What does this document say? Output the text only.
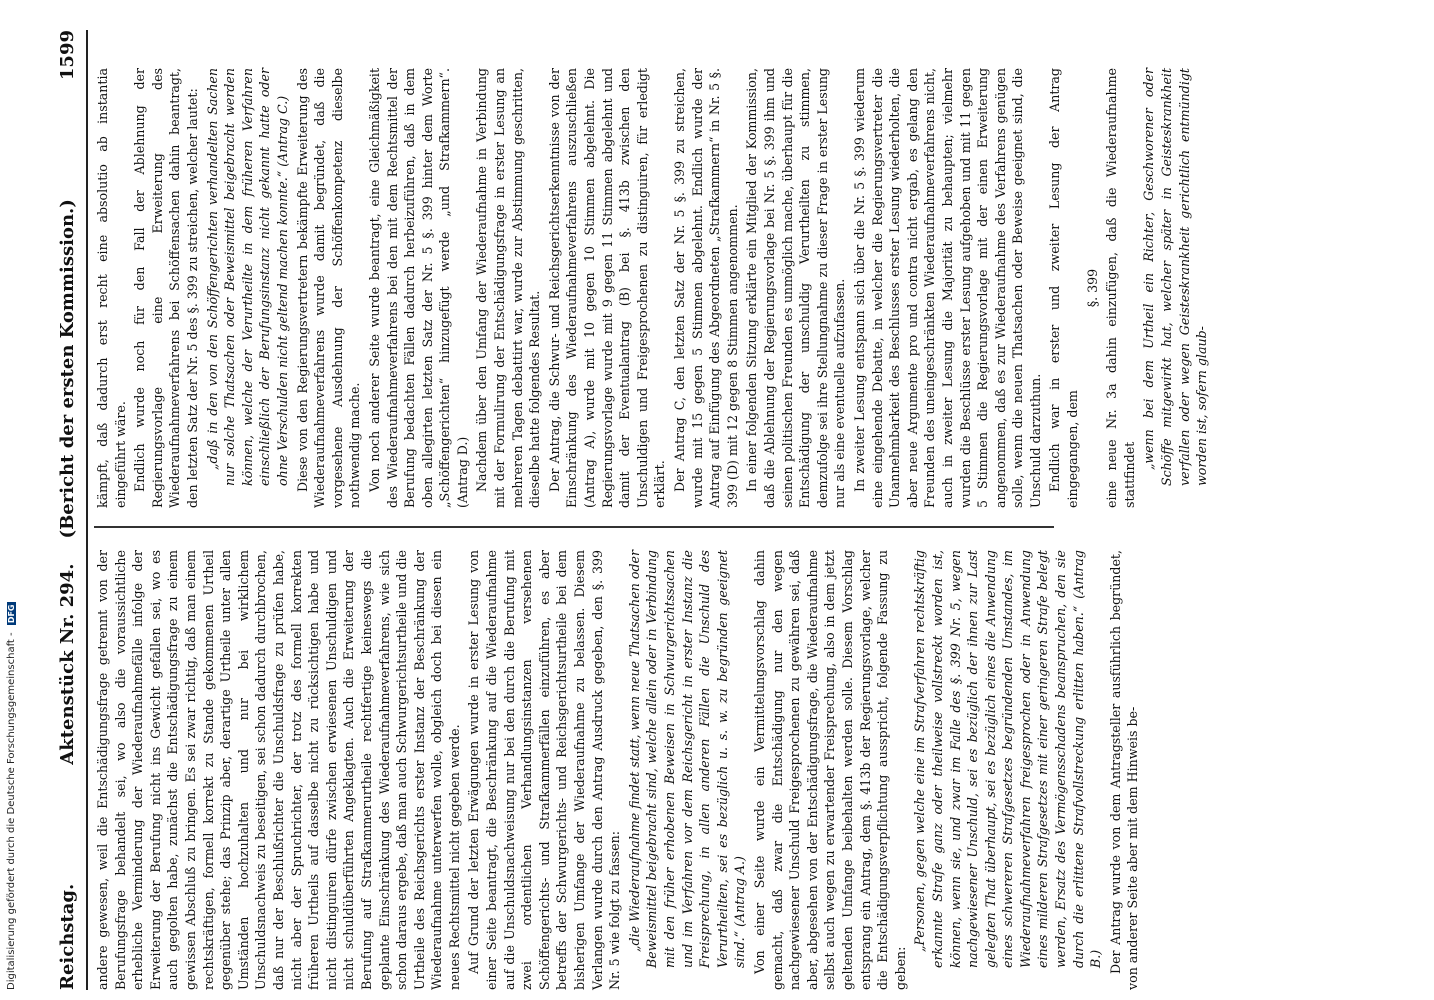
Reichstag.
Aktenstück Nr. 294.    (Bericht der ersten Kommission.)
1599

andere gewesen, weil die Entschädigungsfrage getrennt von der Berufungsfrage behandelt sei, wo also die voraussichtliche erhebliche Verminderung der Wiederaufnahmefälle infolge der Erweiterung der Berufung nicht ins Gewicht gefallen sei, wo es auch gegolten habe, zunächst die Entschädigungsfrage zu einem gewissen Abschluß zu bringen. Es sei zwar richtig, daß man einem rechtskräftigen, formell korrekt zu Stande gekommenen Urtheil gegenüber stehe; das Prinzip aber, derartige Urtheile unter allen Umständen hochzuhalten und nur bei wirklichem Unschuldsnachweis zu beseitigen, sei schon dadurch durchbrochen, daß nur der Beschlußrichter die Unschuldsfrage zu prüfen habe, nicht aber der Spruchrichter, der trotz des formell korrekten früheren Urtheils auf dasselbe nicht zu rücksichtigen habe und nicht distinguiren dürfe zwischen erwiesenen Unschuldigen und nicht schuldüberführten Angeklagten. Auch die Erweiterung der Berufung auf Strafkammerurtheile rechtfertige keineswegs die geplante Einschränkung des Wiederaufnahmeverfahrens, wie sich schon daraus ergebe, daß man auch Schwurgerichtsurtheile und die Urtheile des Reichsgerichts erster Instanz der Beschränkung der Wiederaufnahme unterwerfen wolle, obgleich doch bei diesen ein neues Rechtsmittel nicht gegeben werde. Auf Grund der letzten Erwägungen wurde in erster Lesung von einer Seite beantragt, die Beschränkung auf die Wiederaufnahme auf die Unschuldsnachweisung nur bei den durch die Berufung mit zwei ordentlichen Verhandlungsinstanzen versehenen Schöffengerichts- und Strafkammerfällen einzuführen, es aber betreffs der Schwurgerichts- und Reichsgerichtsurtheile bei dem bisherigen Umfange der Wiederaufnahme zu belassen. Diesem Verlangen wurde durch den Antrag Ausdruck gegeben, den §. 399 Nr. 5 wie folgt zu fassen: „die Wiederaufnahme findet statt, wenn neue Thatsachen oder Beweismittel beigebracht sind, welche allein oder in Verbindung mit den früher erhobenen Beweisen in Schwurgerichtssachen und im Verfahren vor dem Reichsgericht in erster Instanz die Freisprechung, in allen anderen Fällen die Unschuld des Verurtheilten, sei es bezüglich u. s. w. zu begründen geeignet sind.“ (Antrag A.) Von einer Seite wurde ein Vermittelungsvorschlag dahin gemacht, daß zwar die Entschädigung nur den wegen nachgewiesener Unschuld Freigesprochenen zu gewähren sei, daß aber, abgesehen von der Entschädigungsfrage, die Wiederaufnahme selbst auch wegen zu erwartender Freisprechung, also in dem jetzt geltenden Umfange beibehalten werden solle. Diesem Vorschlag entsprang ein Antrag, dem §. 413b der Regierungsvorlage, welcher die Entschädigungsverpflichtung ausspricht, folgende Fassung zu geben:

„Personen, gegen welche eine im Strafverfahren rechtskräftig erkannte Strafe ganz oder theilweise vollstreckt worden ist, können, wenn sie, und zwar im Falle des §. 399 Nr. 5, wegen nachgewiesener Unschuld, sei es bezüglich der ihnen zur Last gelegten That überhaupt, sei es bezüglich eines die Anwendung eines schwereren Strafgesetzes begründenden Umstandes, im Wiederaufnahmeverfahren freigesprochen oder in Anwendung eines milderen Strafgesetzes mit einer geringeren Strafe belegt werden, Ersatz des Vermögensschadens beanspruchen, den sie durch die erlittene Strafvollstreckung erlitten haben.“ (Antrag B.) Der Antrag wurde von dem Antragsteller ausführlich begründet, von anderer Seite aber mit dem Hinweis be-

kämpft, daß dadurch erst recht eine absolutio ab instantia eingeführt wäre. Endlich wurde noch für den Fall der Ablehnung der Regierungsvorlage eine Erweiterung des Wiederaufnahmeverfahrens bei Schöffensachen dahin beantragt, den letzten Satz der Nr. 5 des §. 399 zu streichen, welcher lautet: „daß in den von den Schöffengerichten verhandelten Sachen nur solche Thatsachen oder Beweismittel beigebracht werden können, welche der Verurtheilte in dem früheren Verfahren einschließlich der Berufungsinstanz nicht gekannt hatte oder ohne Verschulden nicht geltend machen konnte.“ (Antrag C.) Diese von den Regierungsvertretern bekämpfte Erweiterung des Wiederaufnahmeverfahrens wurde damit begründet, daß die vorgesehene Ausdehnung der Schöffenkompetenz dieselbe nothwendig mache. Von noch anderer Seite wurde beantragt, eine Gleichmäßigkeit des Wiederaufnahmeverfahrens bei den mit dem Rechtsmittel der Berufung bedachten Fällen dadurch herbeizuführen, daß in dem oben allegirten letzten Satz der Nr. 5 §. 399 hinter dem Worte „Schöffengerichten“ hinzugefügt werde „und Strafkammern“. (Antrag D.) Nachdem über den Umfang der Wiederaufnahme in Verbindung mit der Formulirung der Entschädigungsfrage in erster Lesung an mehreren Tagen debattirt war, wurde zur Abstimmung geschritten, dieselbe hatte folgendes Resultat. Der Antrag, die Schwur- und Reichsgerichtserkenntnisse von der Einschränkung des Wiederaufnahmeverfahrens auszuschließen (Antrag A), wurde mit 10 gegen 10 Stimmen abgelehnt. Die Regierungsvorlage wurde mit 9 gegen 11 Stimmen abgelehnt und damit der Eventualantrag (B) bei §. 413b zwischen den Unschuldigen und Freigesprochenen zu distinguiren, für erledigt erklärt. Der Antrag C, den letzten Satz der Nr. 5 §. 399 zu streichen, wurde mit 15 gegen 5 Stimmen abgelehnt. Endlich wurde der Antrag auf Einfügung des Abgeordneten „Strafkammern“ in Nr. 5 §. 399 (D) mit 12 gegen 8 Stimmen angenommen. In einer folgenden Sitzung erklärte ein Mitglied der Kommission, daß die Ablehnung der Regierungsvorlage bei Nr. 5 §. 399 ihm und seinen politischen Freunden es unmöglich mache, überhaupt für die Entschädigung der unschuldig Verurtheilten zu stimmen, demzufolge sei ihre Stellungnahme zu dieser Frage in erster Lesung nur als eine eventuelle aufzufassen. In zweiter Lesung entspann sich über die Nr. 5 §. 399 wiederum eine eingehende Debatte, in welcher die Regierungsvertreter die Unannehmbarkeit des Beschlusses erster Lesung wiederholten, die aber neue Argumente pro und contra nicht ergab, es gelang den Freunden des uneingeschränkten Wiederaufnahmeverfahrens nicht, auch in zweiter Lesung die Majorität zu behaupten; vielmehr wurden die Beschlüsse erster Lesung aufgehoben und mit 11 gegen 5 Stimmen die Regierungsvorlage mit der einen Erweiterung angenommen, daß es zur Wiederaufnahme des Verfahrens genügen solle, wenn die neuen Thatsachen oder Beweise geeignet sind, die Unschuld darzuthun. Endlich war in erster und zweiter Lesung der Antrag eingegangen, dem

§. 399 eine neue Nr. 3a dahin einzufügen, daß die Wiederaufnahme stattfindet

„wenn bei dem Urtheil ein Richter, Geschworener oder Schöffe mitgewirkt hat, welcher später in Geisteskrankheit verfallen oder wegen Geisteskrankheit gerichtlich entmündigt worden ist, sofern glaub-

Digitalisierung gefördert durch die Deutsche Forschungsgemeinschaft - DFG
